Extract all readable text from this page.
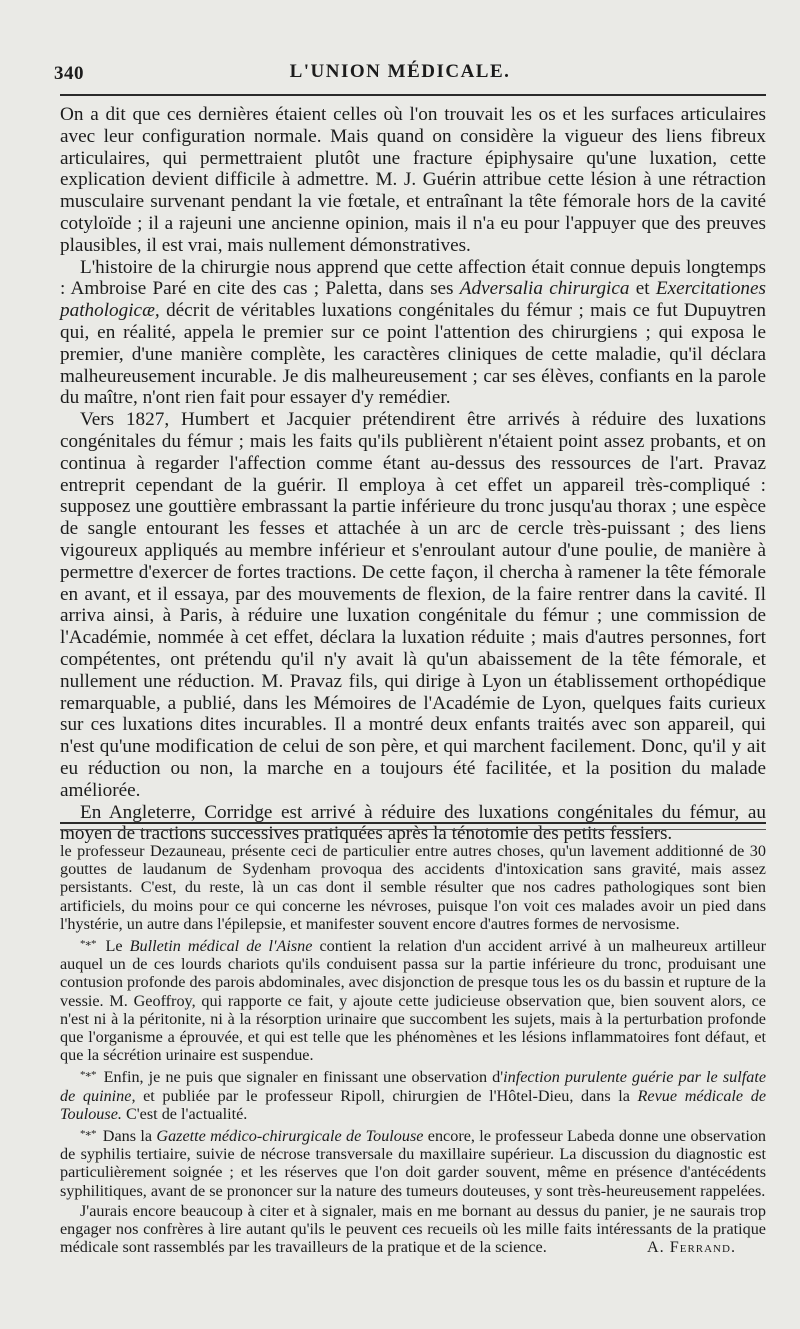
340	L'UNION MÉDICALE.

On a dit que ces dernières étaient celles où l'on trouvait les os et les surfaces articulaires avec leur configuration normale. Mais quand on considère la vigueur des liens fibreux articulaires, qui permettraient plutôt une fracture épiphysaire qu'une luxation, cette explication devient difficile à admettre. M. J. Guérin attribue cette lésion à une rétraction musculaire survenant pendant la vie fœtale, et entraînant la tête fémorale hors de la cavité cotyloïde ; il a rajeuni une ancienne opinion, mais il n'a eu pour l'appuyer que des preuves plausibles, il est vrai, mais nullement démonstratives.

L'histoire de la chirurgie nous apprend que cette affection était connue depuis longtemps : Ambroise Paré en cite des cas ; Paletta, dans ses Adversalia chirurgica et Exercitationes pathologicæ, décrit de véritables luxations congénitales du fémur ; mais ce fut Dupuytren qui, en réalité, appela le premier sur ce point l'attention des chirurgiens ; qui exposa le premier, d'une manière complète, les caractères cliniques de cette maladie, qu'il déclara malheureusement incurable. Je dis malheureusement ; car ses élèves, confiants en la parole du maître, n'ont rien fait pour essayer d'y remédier.

Vers 1827, Humbert et Jacquier prétendirent être arrivés à réduire des luxations congénitales du fémur ; mais les faits qu'ils publièrent n'étaient point assez probants, et on continua à regarder l'affection comme étant au-dessus des ressources de l'art. Pravaz entreprit cependant de la guérir. Il employa à cet effet un appareil très-compliqué : supposez une gouttière embrassant la partie inférieure du tronc jusqu'au thorax ; une espèce de sangle entourant les fesses et attachée à un arc de cercle très-puissant ; des liens vigoureux appliqués au membre inférieur et s'enroulant autour d'une poulie, de manière à permettre d'exercer de fortes tractions. De cette façon, il chercha à ramener la tête fémorale en avant, et il essaya, par des mouvements de flexion, de la faire rentrer dans la cavité. Il arriva ainsi, à Paris, à réduire une luxation congénitale du fémur ; une commission de l'Académie, nommée à cet effet, déclara la luxation réduite ; mais d'autres personnes, fort compétentes, ont prétendu qu'il n'y avait là qu'un abaissement de la tête fémorale, et nullement une réduction. M. Pravaz fils, qui dirige à Lyon un établissement orthopédique remarquable, a publié, dans les Mémoires de l'Académie de Lyon, quelques faits curieux sur ces luxations dites incurables. Il a montré deux enfants traités avec son appareil, qui n'est qu'une modification de celui de son père, et qui marchent facilement. Donc, qu'il y ait eu réduction ou non, la marche en a toujours été facilitée, et la position du malade améliorée.

En Angleterre, Corridge est arrivé à réduire des luxations congénitales du fémur, au moyen de tractions successives pratiquées après la ténotomie des petits fessiers.

le professeur Dezauneau, présente ceci de particulier entre autres choses, qu'un lavement additionné de 30 gouttes de laudanum de Sydenham provoqua des accidents d'intoxication sans gravité, mais assez persistants. C'est, du reste, là un cas dont il semble résulter que nos cadres pathologiques sont bien artificiels, du moins pour ce qui concerne les névroses, puisque l'on voit ces malades avoir un pied dans l'hystérie, un autre dans l'épilepsie, et manifester souvent encore d'autres formes de nervosisme.

*∗* Le Bulletin médical de l'Aisne contient la relation d'un accident arrivé à un malheureux artilleur auquel un de ces lourds chariots qu'ils conduisent passa sur la partie inférieure du tronc, produisant une contusion profonde des parois abdominales, avec disjonction de presque tous les os du bassin et rupture de la vessie. M. Geoffroy, qui rapporte ce fait, y ajoute cette judicieuse observation que, bien souvent alors, ce n'est ni à la péritonite, ni à la résorption urinaire que succombent les sujets, mais à la perturbation profonde que l'organisme a éprouvée, et qui est telle que les phénomènes et les lésions inflammatoires font défaut, et que la sécrétion urinaire est suspendue.

*∗* Enfin, je ne puis que signaler en finissant une observation d'infection purulente guérie par le sulfate de quinine, et publiée par le professeur Ripoll, chirurgien de l'Hôtel-Dieu, dans la Revue médicale de Toulouse. C'est de l'actualité.

*∗* Dans la Gazette médico-chirurgicale de Toulouse encore, le professeur Labeda donne une observation de syphilis tertiaire, suivie de nécrose transversale du maxillaire supérieur. La discussion du diagnostic est particulièrement soignée ; et les réserves que l'on doit garder souvent, même en présence d'antécédents syphilitiques, avant de se prononcer sur la nature des tumeurs douteuses, y sont très-heureusement rappelées.

J'aurais encore beaucoup à citer et à signaler, mais en me bornant au dessus du panier, je ne saurais trop engager nos confrères à lire autant qu'ils le peuvent ces recueils où les mille faits intéressants de la pratique médicale sont rassemblés par les travailleurs de la pratique et de la science.	A. Ferrand.
